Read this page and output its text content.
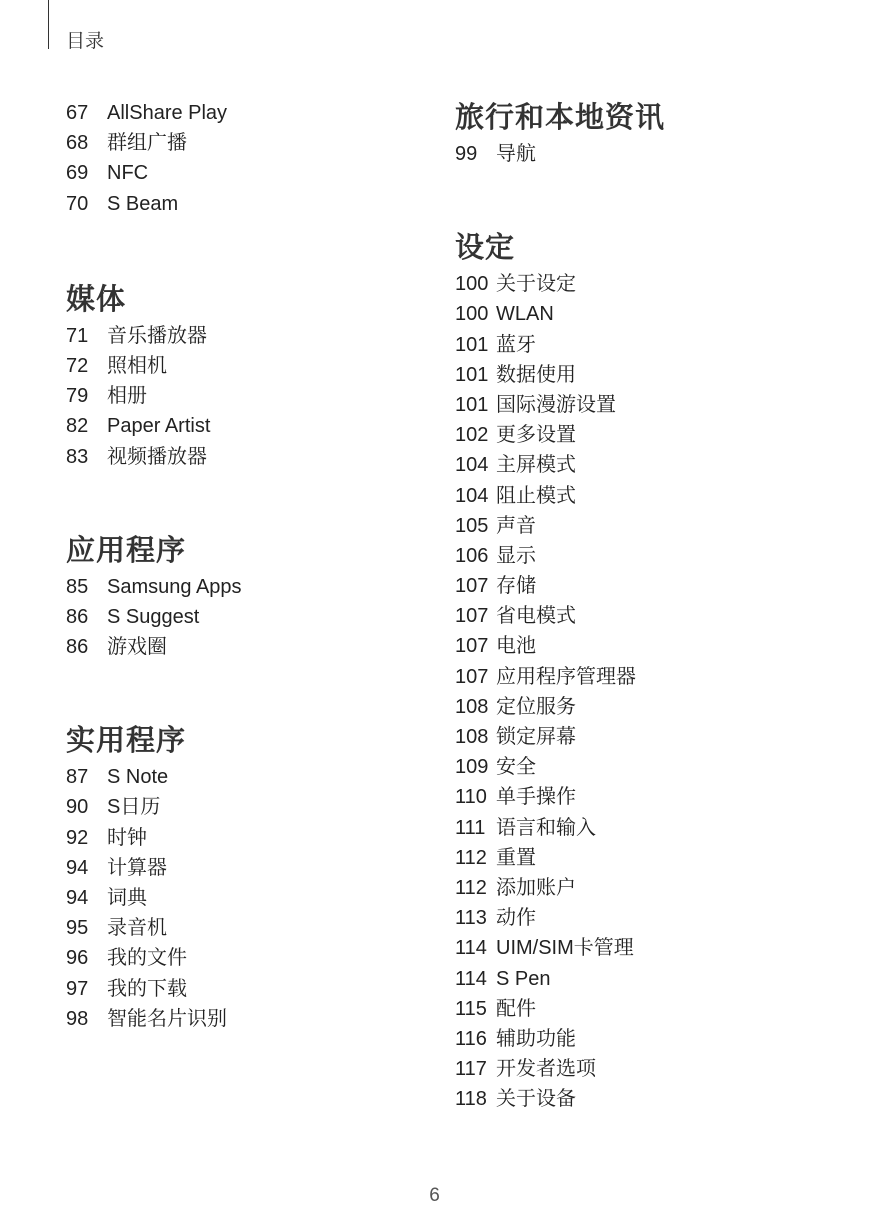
目录
67 AllShare Play
68 群组广播
69 NFC
70 S Beam
媒体
71 音乐播放器
72 照相机
79 相册
82 Paper Artist
83 视频播放器
应用程序
85 Samsung Apps
86 S Suggest
86 游戏圈
实用程序
87 S Note
90 S日历
92 时钟
94 计算器
94 词典
95 录音机
96 我的文件
97 我的下载
98 智能名片识别
旅行和本地资讯
99 导航
设定
100 关于设定
100 WLAN
101 蓝牙
101 数据使用
101 国际漫游设置
102 更多设置
104 主屏模式
104 阻止模式
105 声音
106 显示
107 存储
107 省电模式
107 电池
107 应用程序管理器
108 定位服务
108 锁定屏幕
109 安全
110 单手操作
111 语言和输入
112 重置
112 添加账户
113 动作
114 UIM/SIM卡管理
114 S Pen
115 配件
116 辅助功能
117 开发者选项
118 关于设备
6
